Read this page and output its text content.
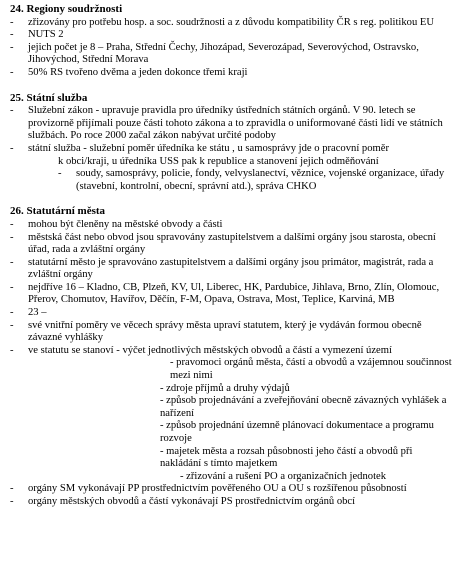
24. Regiony soudržnosti
-	zřizovány pro potřebu hosp. a soc. soudržnosti a z důvodu kompatibility ČR s reg. politikou EU
-	NUTS 2
-	jejich počet je 8 – Praha, Střední Čechy, Jihozápad, Severozápad, Severovýchod, Ostravsko, Jihovýchod, Střední Morava
-	50% RS tvořeno dvěma a jeden dokonce třemi kraji
25. Státní služba
-	Služební zákon - upravuje pravidla pro úředníky ústředních státních orgánů. V 90. letech se provizorně přijímali pouze části tohoto zákona a to zpravidla o uniformované části lidí ve státních službách. Po roce 2000 začal zákon nabývat určité podoby
-	státní služba - služební poměr úředníka ke státu , u samosprávy jde o pracovní poměr
k obci/kraji, u úředníka USS pak k republice a stanovení jejich odměňování
-	soudy, samosprávy, policie, fondy, velvyslanectví, věznice, vojenské organizace, úřady (stavební, kontrolní, obecní, správní atd.), správa CHKO
26. Statutární města
-	mohou být členěny na městské obvody a části
-	městská část nebo obvod jsou spravovány zastupitelstvem a dalšími orgány jsou starosta, obecní úřad, rada a zvláštní orgány
-	statutární město je spravováno zastupitelstvem a dalšími orgány jsou primátor, magistrát, rada a zvláštní orgány
-	nejdříve 16 – Kladno, CB, Plzeň, KV, Ul, Liberec, HK, Pardubice, Jihlava, Brno, Zlín, Olomouc, Přerov, Chomutov, Havířov, Děčín, F-M, Opava, Ostrava, Most, Teplice, Karviná, MB
-	23 –
-	své vnitřní poměry ve věcech správy města upraví statutem, který je vydáván formou obecně závazné vyhlášky
-	ve statutu se stanoví - výčet jednotlivých městských obvodů a částí a vymezení území
- pravomoci orgánů města, částí a obvodů a vzájemnou součinnost mezi nimi
- zdroje příjmů a druhy výdajů
- způsob projednávání a zveřejňování obecně závazných vyhlášek a nařízení
- způsob projednání územně plánovací dokumentace a programu rozvoje
- majetek města a rozsah působnosti jeho částí a obvodů při nakládání s tímto majetkem
- zřizování a rušení PO a organizačních jednotek
-	orgány SM vykonávají PP prostřednictvím pověřeného OU a OU s rozšířenou působností
-	orgány městských obvodů a částí vykonávají PS prostřednictvím orgánů obcí
